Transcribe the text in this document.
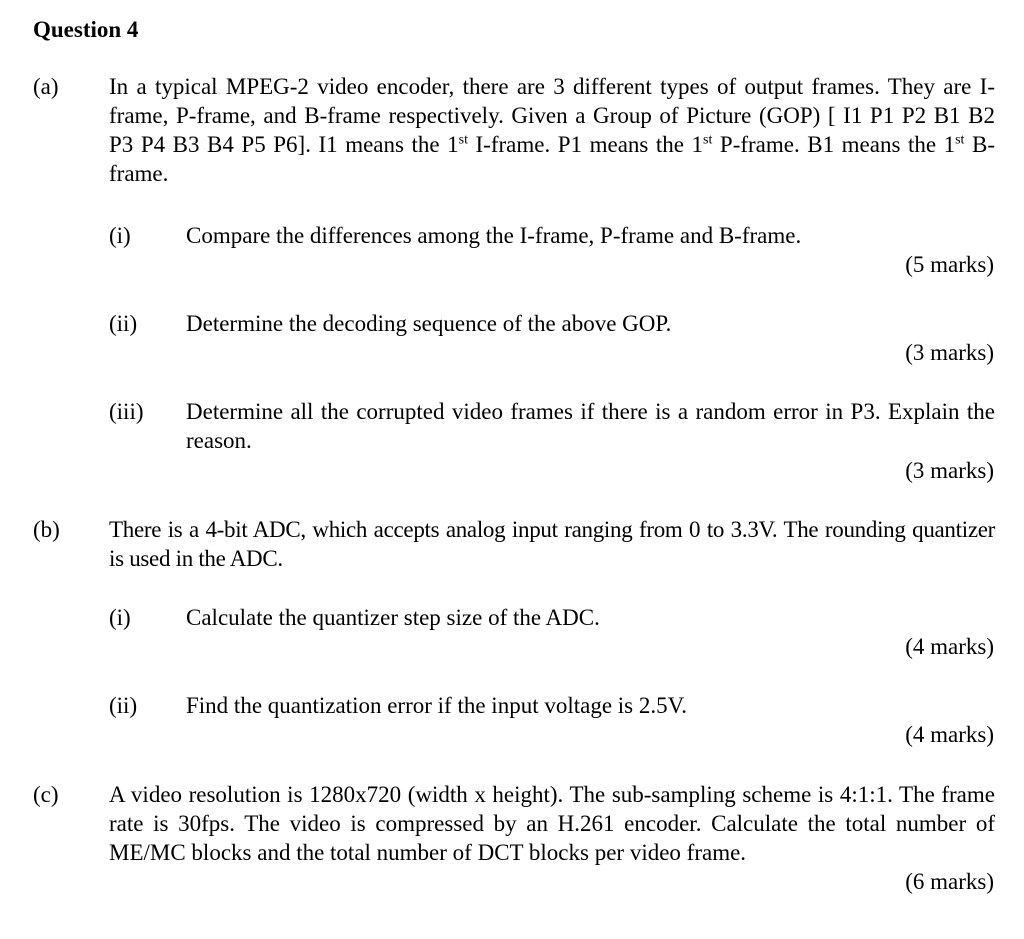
Question 4
(a) In a typical MPEG-2 video encoder, there are 3 different types of output frames. They are I-frame, P-frame, and B-frame respectively. Given a Group of Picture (GOP) [ I1 P1 P2 B1 B2 P3 P4 B3 B4 P5 P6]. I1 means the 1st I-frame. P1 means the 1st P-frame. B1 means the 1st B-frame.
(i) Compare the differences among the I-frame, P-frame and B-frame.
(5 marks)
(ii) Determine the decoding sequence of the above GOP.
(3 marks)
(iii) Determine all the corrupted video frames if there is a random error in P3. Explain the reason.
(3 marks)
(b) There is a 4-bit ADC, which accepts analog input ranging from 0 to 3.3V. The rounding quantizer is used in the ADC.
(i) Calculate the quantizer step size of the ADC.
(4 marks)
(ii) Find the quantization error if the input voltage is 2.5V.
(4 marks)
(c) A video resolution is 1280x720 (width x height). The sub-sampling scheme is 4:1:1. The frame rate is 30fps. The video is compressed by an H.261 encoder. Calculate the total number of ME/MC blocks and the total number of DCT blocks per video frame.
(6 marks)
